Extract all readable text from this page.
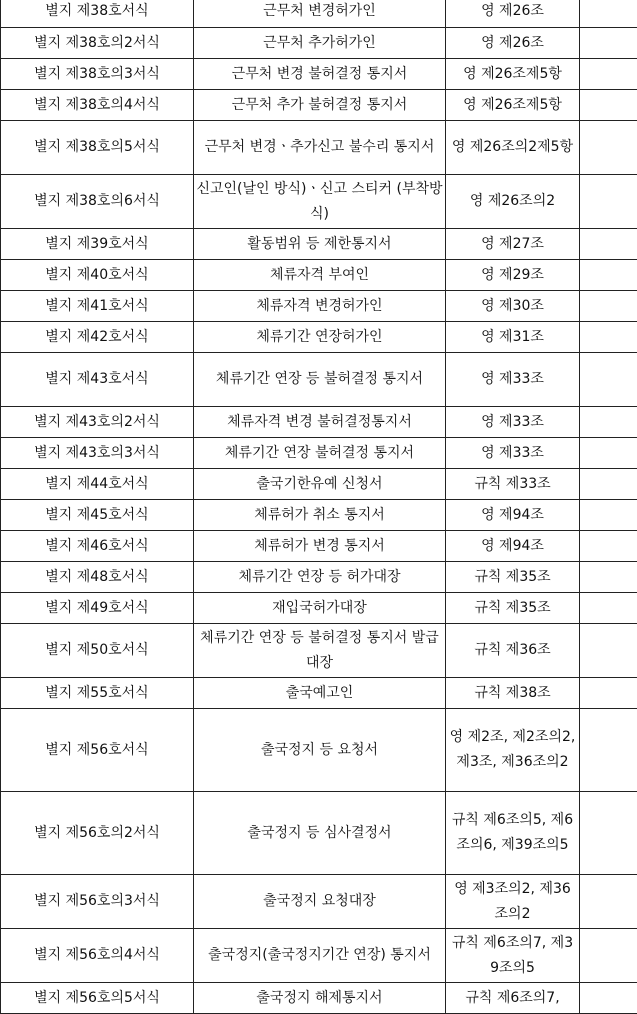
별지 제38호서식	근무처 변경허가인	영 제26조	
별지 제38호의2서식	근무처 추가허가인	영 제26조	
별지 제38호의3서식	근무처 변경 불허결정 통지서	영 제26조제5항	
별지 제38호의4서식	근무처 추가 불허결정 통지서	영 제26조제5항	
별지 제38호의5서식	근무처 변경ㆍ추가신고 불수리 통지서	영 제26조의2제5항	
별지 제38호의6서식	신고인(날인 방식)ㆍ신고 스티커 (부착방식)	영 제26조의2	
별지 제39호서식	활동범위 등 제한통지서	영 제27조	
별지 제40호서식	체류자격 부여인	영 제29조	
별지 제41호서식	체류자격 변경허가인	영 제30조	
별지 제42호서식	체류기간 연장허가인	영 제31조	
별지 제43호서식	체류기간 연장 등 불허결정 통지서	영 제33조	
별지 제43호의2서식	체류자격 변경 불허결정통지서	영 제33조	
별지 제43호의3서식	체류기간 연장 불허결정 통지서	영 제33조	
별지 제44호서식	출국기한유예 신청서	규칙 제33조	
별지 제45호서식	체류허가 취소 통지서	영 제94조	
별지 제46호서식	체류허가 변경 통지서	영 제94조	
별지 제48호서식	체류기간 연장 등 허가대장	규칙 제35조	
별지 제49호서식	재입국허가대장	규칙 제35조	
별지 제50호서식	체류기간 연장 등 불허결정 통지서 발급대장	규칙 제36조	
별지 제55호서식	출국예고인	규칙 제38조	
별지 제56호서식	출국정지 등 요청서	영 제2조, 제2조의2, 제3조, 제36조의2	
별지 제56호의2서식	출국정지 등 심사결정서	규칙 제6조의5, 제6조의6, 제39조의5	
별지 제56호의3서식	출국정지 요청대장	영 제3조의2, 제36조의2	
별지 제56호의4서식	출국정지(출국정지기간 연장) 통지서	규칙 제6조의7, 제39조의5	
별지 제56호의5서식	출국정지 해제통지서	규칙 제6조의7,	
